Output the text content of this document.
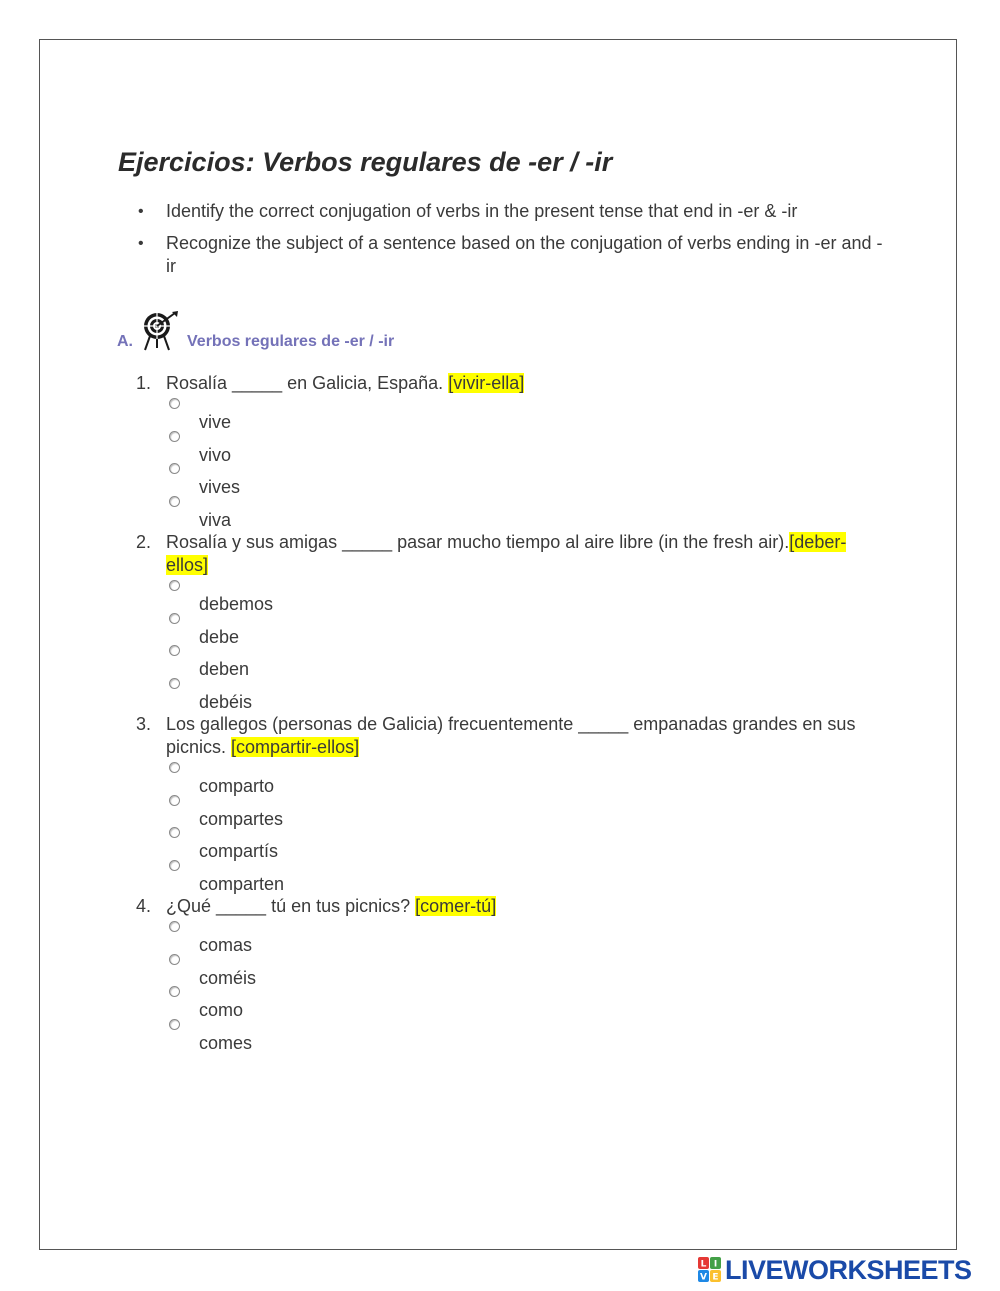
Ejercicios: Verbos regulares de -er / -ir
• Identify the correct conjugation of verbs in the present tense that end in -er & -ir
• Recognize the subject of a sentence based on the conjugation of verbs ending in -er and -ir
A.	Verbos regulares de -er / -ir
1. Rosalía _____ en Galicia, España. [vivir-ella]
vive
vivo
vives
viva
2. Rosalía y sus amigas _____ pasar mucho tiempo al aire libre (in the fresh air).[deber-ellos]
debemos
debe
deben
debéis
3. Los gallegos (personas de Galicia) frecuentemente _____ empanadas grandes en sus picnics. [compartir-ellos]
comparto
compartes
compartís
comparten
4. ¿Qué _____ tú en tus picnics? [comer-tú]
comas
coméis
como
comes
L I
V E LIVEWORKSHEETS
